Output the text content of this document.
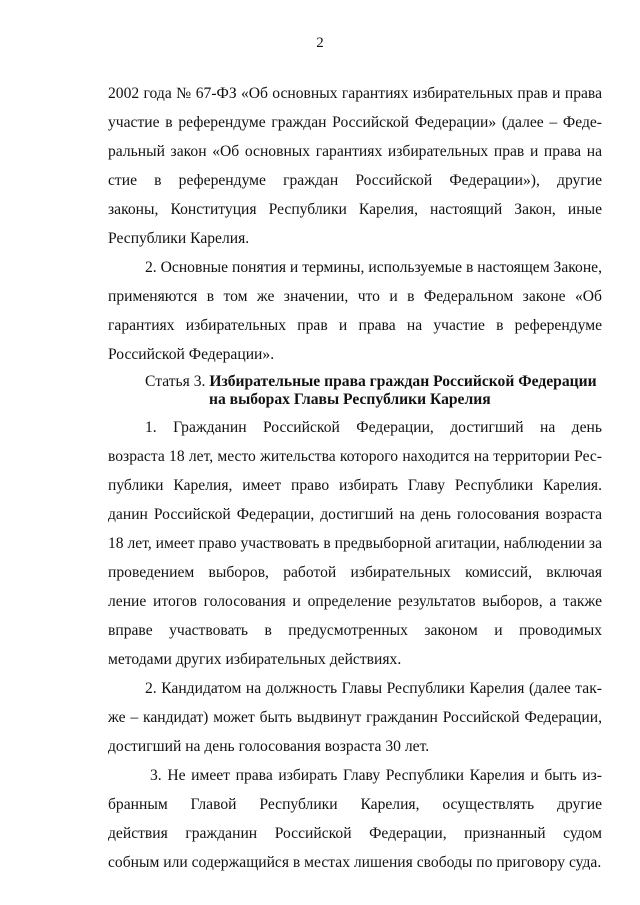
2
2002 года № 67-ФЗ «Об основных гарантиях избирательных прав и права
участие в референдуме граждан Российской Федерации» (далее – Феде-
ральный закон «Об основных гарантиях избирательных прав и права на
стие в референдуме граждан Российской Федерации»), другие
законы, Конституция Республики Карелия, настоящий Закон, иные
Республики Карелия.
2. Основные понятия и термины, используемые в настоящем Законе,
применяются в том же значении, что и в Федеральном законе «Об
гарантиях избирательных прав и права на участие в референдуме
Российской Федерации».
Статья 3. Избирательные права граждан Российской Федерации
на выборах Главы Республики Карелия
1. Гражданин Российской Федерации, достигший на день
возраста 18 лет, место жительства которого находится на территории Рес-
публики Карелия, имеет право избирать Главу Республики Карелия.
данин Российской Федерации, достигший на день голосования возраста
18 лет, имеет право участвовать в предвыборной агитации, наблюдении за
проведением выборов, работой избирательных комиссий, включая
ление итогов голосования и определение результатов выборов, а также
вправе участвовать в предусмотренных законом и проводимых
методами других избирательных действиях.
2. Кандидатом на должность Главы Республики Карелия (далее так-
же – кандидат) может быть выдвинут гражданин Российской Федерации,
достигший на день голосования возраста 30 лет.
3. Не имеет права избирать Главу Республики Карелия и быть из-
бранным Главой Республики Карелия, осуществлять другие
действия гражданин Российской Федерации, признанный судом
собным или содержащийся в местах лишения свободы по приговору суда.
